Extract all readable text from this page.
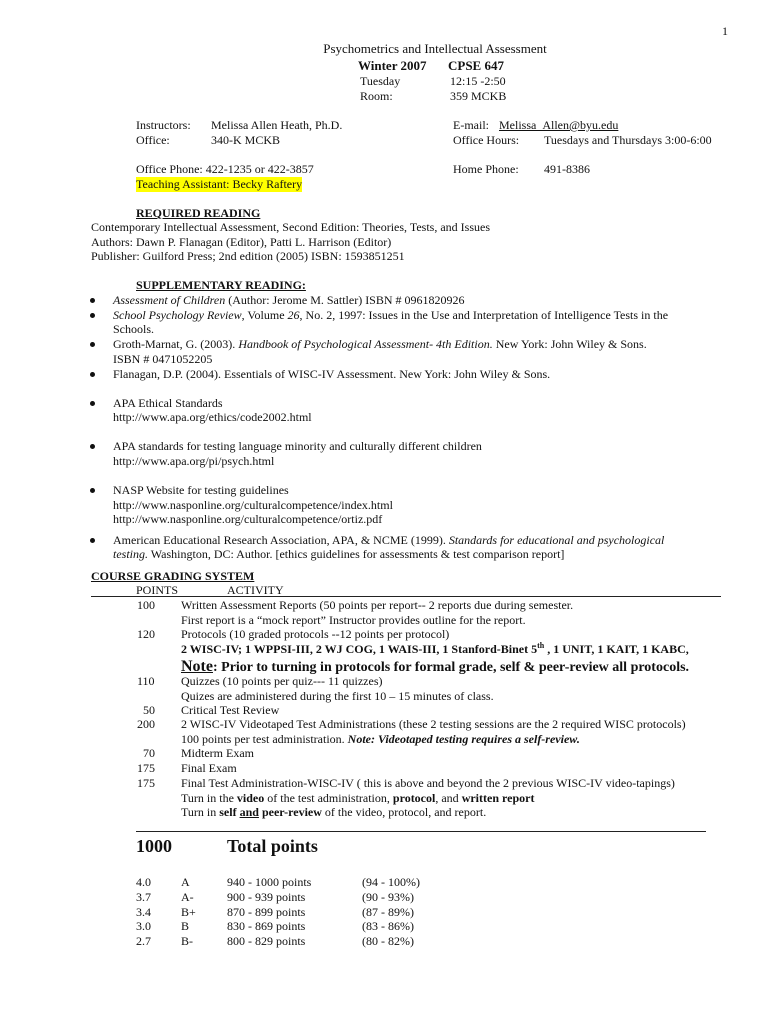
1
Psychometrics and Intellectual Assessment
Winter 2007 CPSE 647
Tuesday	12:15 -2:50
Room:	359 MCKB
Instructors: Melissa Allen Heath, Ph.D.
Office:	340-K MCKB
E-mail: Melissa_Allen@byu.edu
Office Hours: Tuesdays and Thursdays 3:00-6:00
Office Phone: 422-1235 or 422-3857
Teaching Assistant: Becky Raftery
Home Phone: 491-8386
REQUIRED READING
Contemporary Intellectual Assessment, Second Edition: Theories, Tests, and Issues
Authors: Dawn P. Flanagan (Editor), Patti L. Harrison (Editor)
Publisher: Guilford Press; 2nd edition (2005) ISBN: 1593851251
SUPPLEMENTARY READING:
Assessment of Children (Author: Jerome M. Sattler) ISBN # 0961820926
School Psychology Review, Volume 26, No. 2, 1997: Issues in the Use and Interpretation of Intelligence Tests in the
Schools.
Groth-Marnat, G. (2003). Handbook of Psychological Assessment- 4th Edition. New York: John Wiley & Sons.
ISBN # 0471052205
Flanagan, D.P. (2004). Essentials of WISC-IV Assessment. New York: John Wiley & Sons.
APA Ethical Standards
http://www.apa.org/ethics/code2002.html
APA standards for testing language minority and culturally different children
http://www.apa.org/pi/psych.html
NASP Website for testing guidelines
http://www.nasponline.org/culturalcompetence/index.html
http://www.nasponline.org/culturalcompetence/ortiz.pdf
American Educational Research Association, APA, & NCME (1999). Standards for educational and psychological
testing. Washington, DC: Author. [ethics guidelines for assessments & test comparison report]
COURSE GRADING SYSTEM
POINTS	ACTIVITY
100 Written Assessment Reports (50 points per report-- 2 reports due during semester.
First report is a “mock report” Instructor provides outline for the report.
120 Protocols (10 graded protocols --12 points per protocol)
2 WISC-IV; 1 WPPSI-III, 2 WJ COG, 1 WAIS-III, 1 Stanford-Binet 5th , 1 UNIT, 1 KAIT, 1 KABC,
Note: Prior to turning in protocols for formal grade, self & peer-review all protocols.
110 Quizzes (10 points per quiz--- 11 quizzes)
Quizes are administered during the first 10 – 15 minutes of class.
50 Critical Test Review
200 2 WISC-IV Videotaped Test Administrations (these 2 testing sessions are the 2 required WISC protocols)
100 points per test administration. Note: Videotaped testing requires a self-review.
70 Midterm Exam
175 Final Exam
175 Final Test Administration-WISC-IV ( this is above and beyond the 2 previous WISC-IV video-tapings)
Turn in the video of the test administration, protocol, and written report
Turn in self and peer-review of the video, protocol, and report.
1000	Total points
4.0	A	940 - 1000 points	(94 - 100%)
3.7	A-	900 - 939 points	(90 - 93%)
3.4	B+	870 - 899 points	(87 - 89%)
3.0	B	830 - 869 points	(83 - 86%)
2.7	B-	800 - 829 points	(80 - 82%)
